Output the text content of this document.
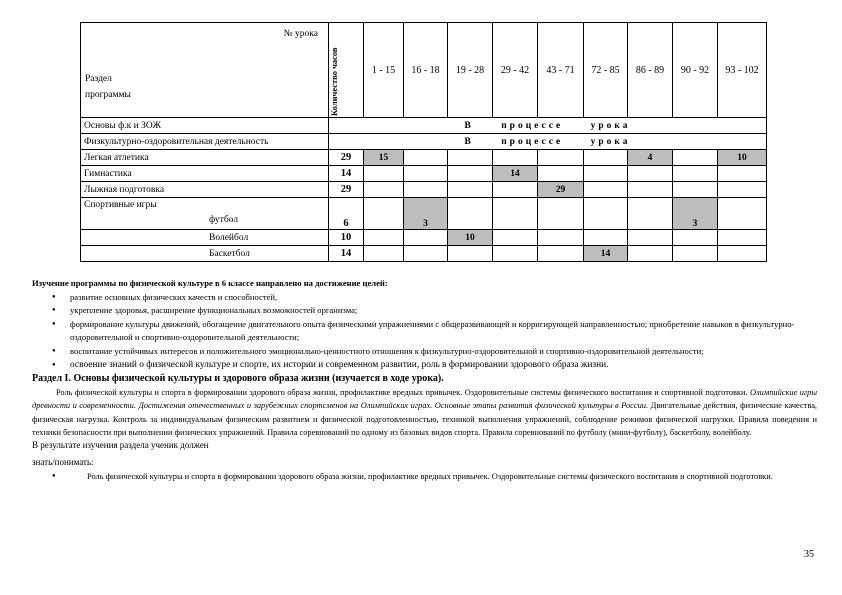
№ урока
Раздел
программы	Количество часов	1 - 15	16 - 18	19 - 28	29 - 42	43 - 71	72 - 85	86 - 89	90 - 92	93 - 102
Основы ф.к и ЗОЖ	В процессе урока									
Физкультурно-оздоровительная деятельность	В процессе урока									
Легкая атлетика	29	15						4		10
Гимнастика	14				14					
Лыжная подготовка	29					29				
Спортивные игры
футбол	6		3						3	
Волейбол	10			10						
Баскетбол	14						14			
Изучение программы по физической культуре в 6 классе направлено на достижение целей:
● развитие основных физических качеств и способностей,
● укрепление здоровья, расширение функциональных возможностей организма;
● формирование культуры движений, обогащение двигательного опыта физическими упражнениями с общеразвивающей и корригирующей направленностью; приобретение навыков в физкультурно-оздоровительной и спортивно-оздоровительной деятельности;
● воспитание устойчивых интересов и положительного эмоционально-ценностного отношения к физкультурно-оздоровительной и спортивно-оздоровительной деятельности;
● освоение знаний о физической культуре и спорте, их истории и современном развитии, роль в формировании здорового образа жизни.
Раздел I. Основы физической культуры и здорового образа жизни (изучается в ходе урока).
Роль физической культуры и спорта в формировании здорового образа жизни, профилактике вредных привычек. Оздоровительные системы физического воспитания и спортивной подготовки. Олимпийские игры древности и современности. Достижения отечественных и зарубежных спортсменов на Олимпийских играх. Основные этапы развития физической культуры в России. Двигательные действия, физические качества, физическая нагрузка. Контроль за индивидуальным физическим развитием и физической подготовленностью, техникой выполнения упражнений, соблюдение режимов физической нагрузки. Правила поведения и техники безопасности при выполнении физических упражнений. Правила соревнований по одному из базовых видов спорта. Правила соревнований по футболу (мини-футболу), баскетболу, волейболу.
В результате изучения раздела ученик должен
знать/понимать:
● Роль физической культуры и спорта в формировании здорового образа жизни, профилактике вредных привычек. Оздоровительные системы физического воспитания и спортивной подготовки.
35
